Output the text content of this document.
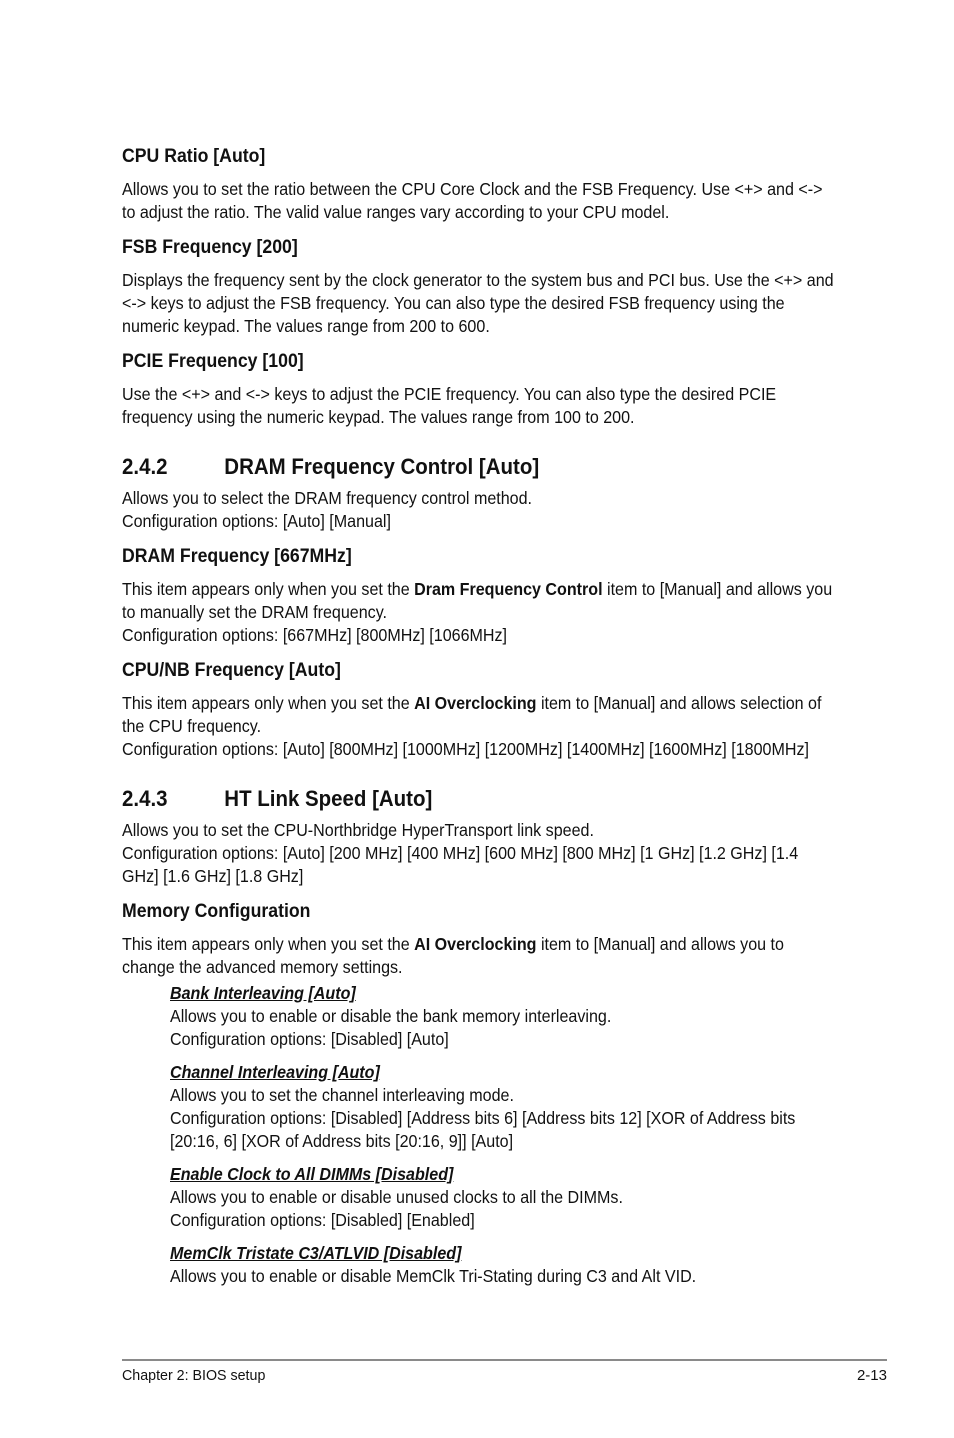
CPU Ratio [Auto]

Allows you to set the ratio between the CPU Core Clock and the FSB Frequency. Use <+> and <-> to adjust the ratio. The valid value ranges vary according to your CPU model.

FSB Frequency [200]

Displays the frequency sent by the clock generator to the system bus and PCI bus. Use the <+> and <-> keys to adjust the FSB frequency. You can also type the desired FSB frequency using the numeric keypad. The values range from 200 to 600.

PCIE Frequency [100]

Use the <+> and <-> keys to adjust the PCIE frequency. You can also type the desired PCIE frequency using the numeric keypad. The values range from 100 to 200.

2.4.2	DRAM Frequency Control [Auto]

Allows you to select the DRAM frequency control method.

Configuration options: [Auto] [Manual]

DRAM Frequency [667MHz]

This item appears only when you set the Dram Frequency Control item to [Manual] and allows you to manually set the DRAM frequency.

Configuration options: [667MHz] [800MHz] [1066MHz]

CPU/NB Frequency [Auto]

This item appears only when you set the AI Overclocking item to [Manual] and allows selection of the CPU frequency.

Configuration options: [Auto] [800MHz] [1000MHz] [1200MHz] [1400MHz] [1600MHz] [1800MHz]

2.4.3	HT Link Speed [Auto]

Allows you to set the CPU-Northbridge HyperTransport link speed.

Configuration options: [Auto] [200 MHz] [400 MHz] [600 MHz] [800 MHz] [1 GHz] [1.2 GHz] [1.4 GHz] [1.6 GHz] [1.8 GHz]

Memory Configuration

This item appears only when you set the AI Overclocking item to [Manual] and allows you to change the advanced memory settings.

Bank Interleaving [Auto]

Allows you to enable or disable the bank memory interleaving.

Configuration options: [Disabled] [Auto]

Channel Interleaving [Auto]

Allows you to set the channel interleaving mode.

Configuration options: [Disabled] [Address bits 6] [Address bits 12] [XOR of Address bits [20:16, 6] [XOR of Address bits [20:16, 9]] [Auto]

Enable Clock to All DIMMs [Disabled]

Allows you to enable or disable unused clocks to all the DIMMs.

Configuration options: [Disabled] [Enabled]

MemClk Tristate C3/ATLVID [Disabled]

Allows you to enable or disable MemClk Tri-Stating during C3 and Alt VID.

Chapter 2: BIOS setup	2-13
